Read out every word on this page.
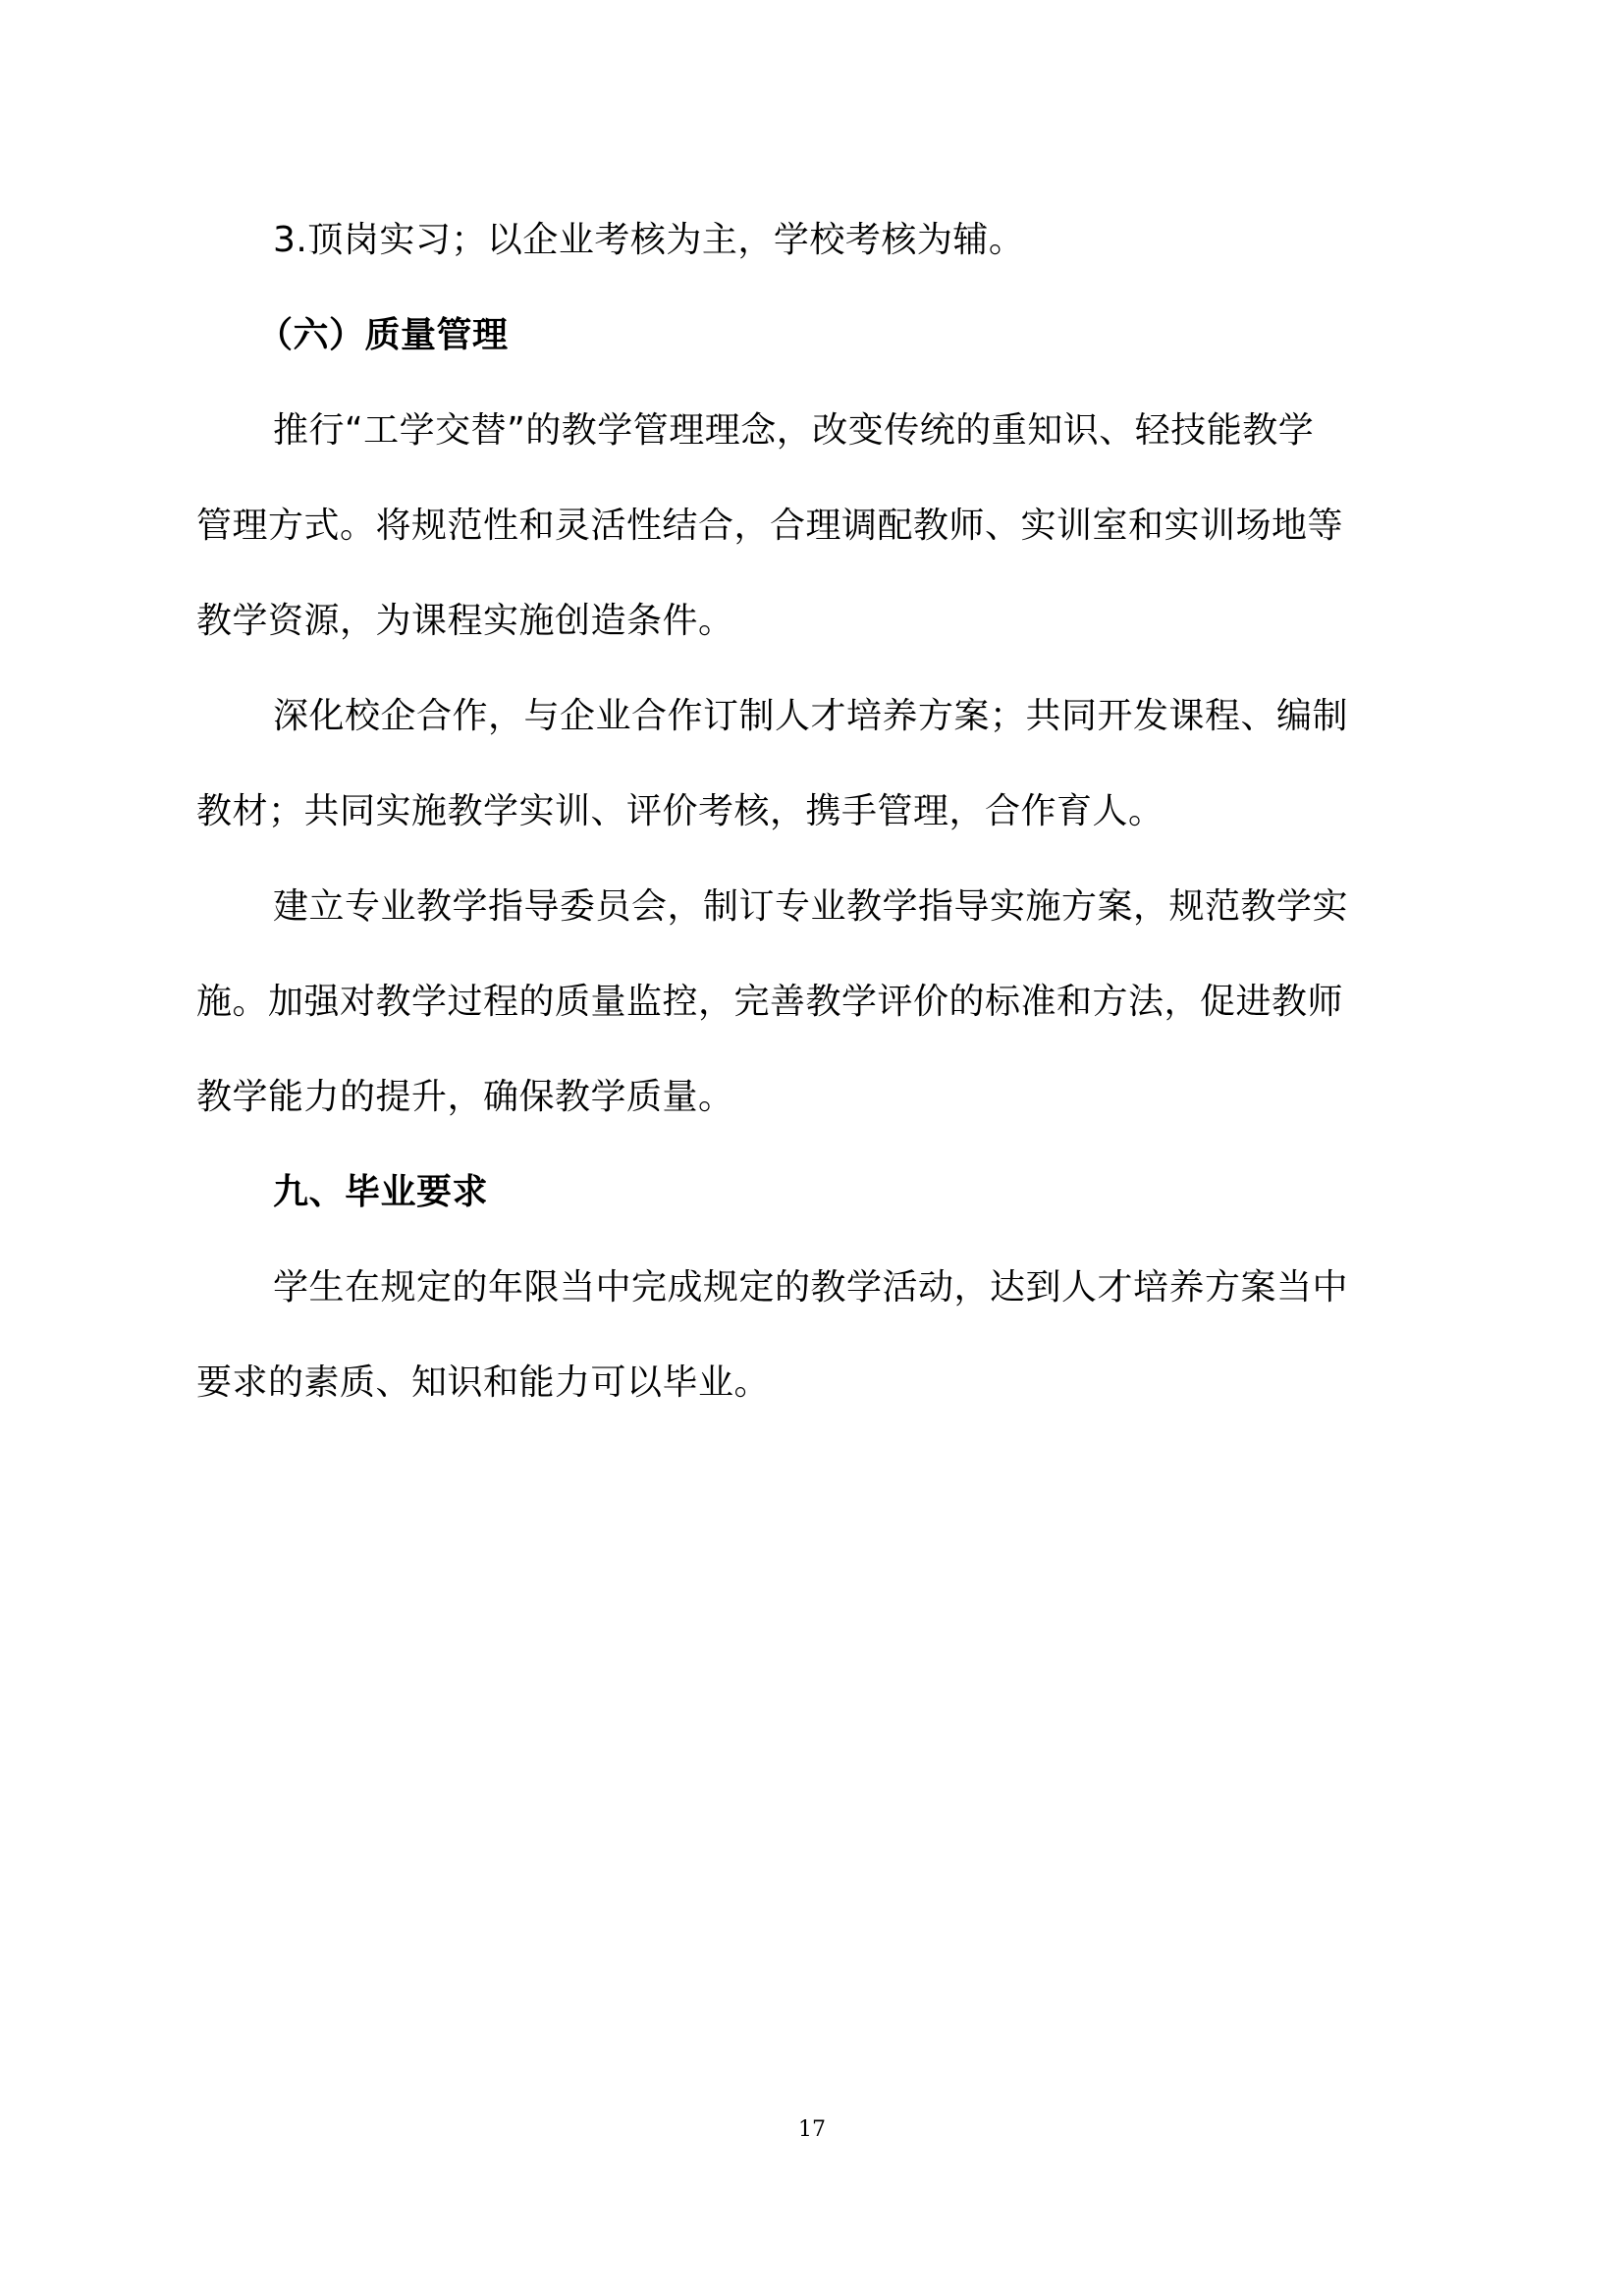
3.顶岗实习；以企业考核为主，学校考核为辅。
（六）质量管理
推行“工学交替”的教学管理理念，改变传统的重知识、轻技能教学
管理方式。将规范性和灵活性结合，合理调配教师、实训室和实训场地等
教学资源，为课程实施创造条件。
深化校企合作，与企业合作订制人才培养方案；共同开发课程、编制
教材；共同实施教学实训、评价考核，携手管理，合作育人。
建立专业教学指导委员会，制订专业教学指导实施方案，规范教学实
施。加强对教学过程的质量监控，完善教学评价的标准和方法，促进教师
教学能力的提升，确保教学质量。
九、毕业要求
学生在规定的年限当中完成规定的教学活动，达到人才培养方案当中
要求的素质、知识和能力可以毕业。
17
